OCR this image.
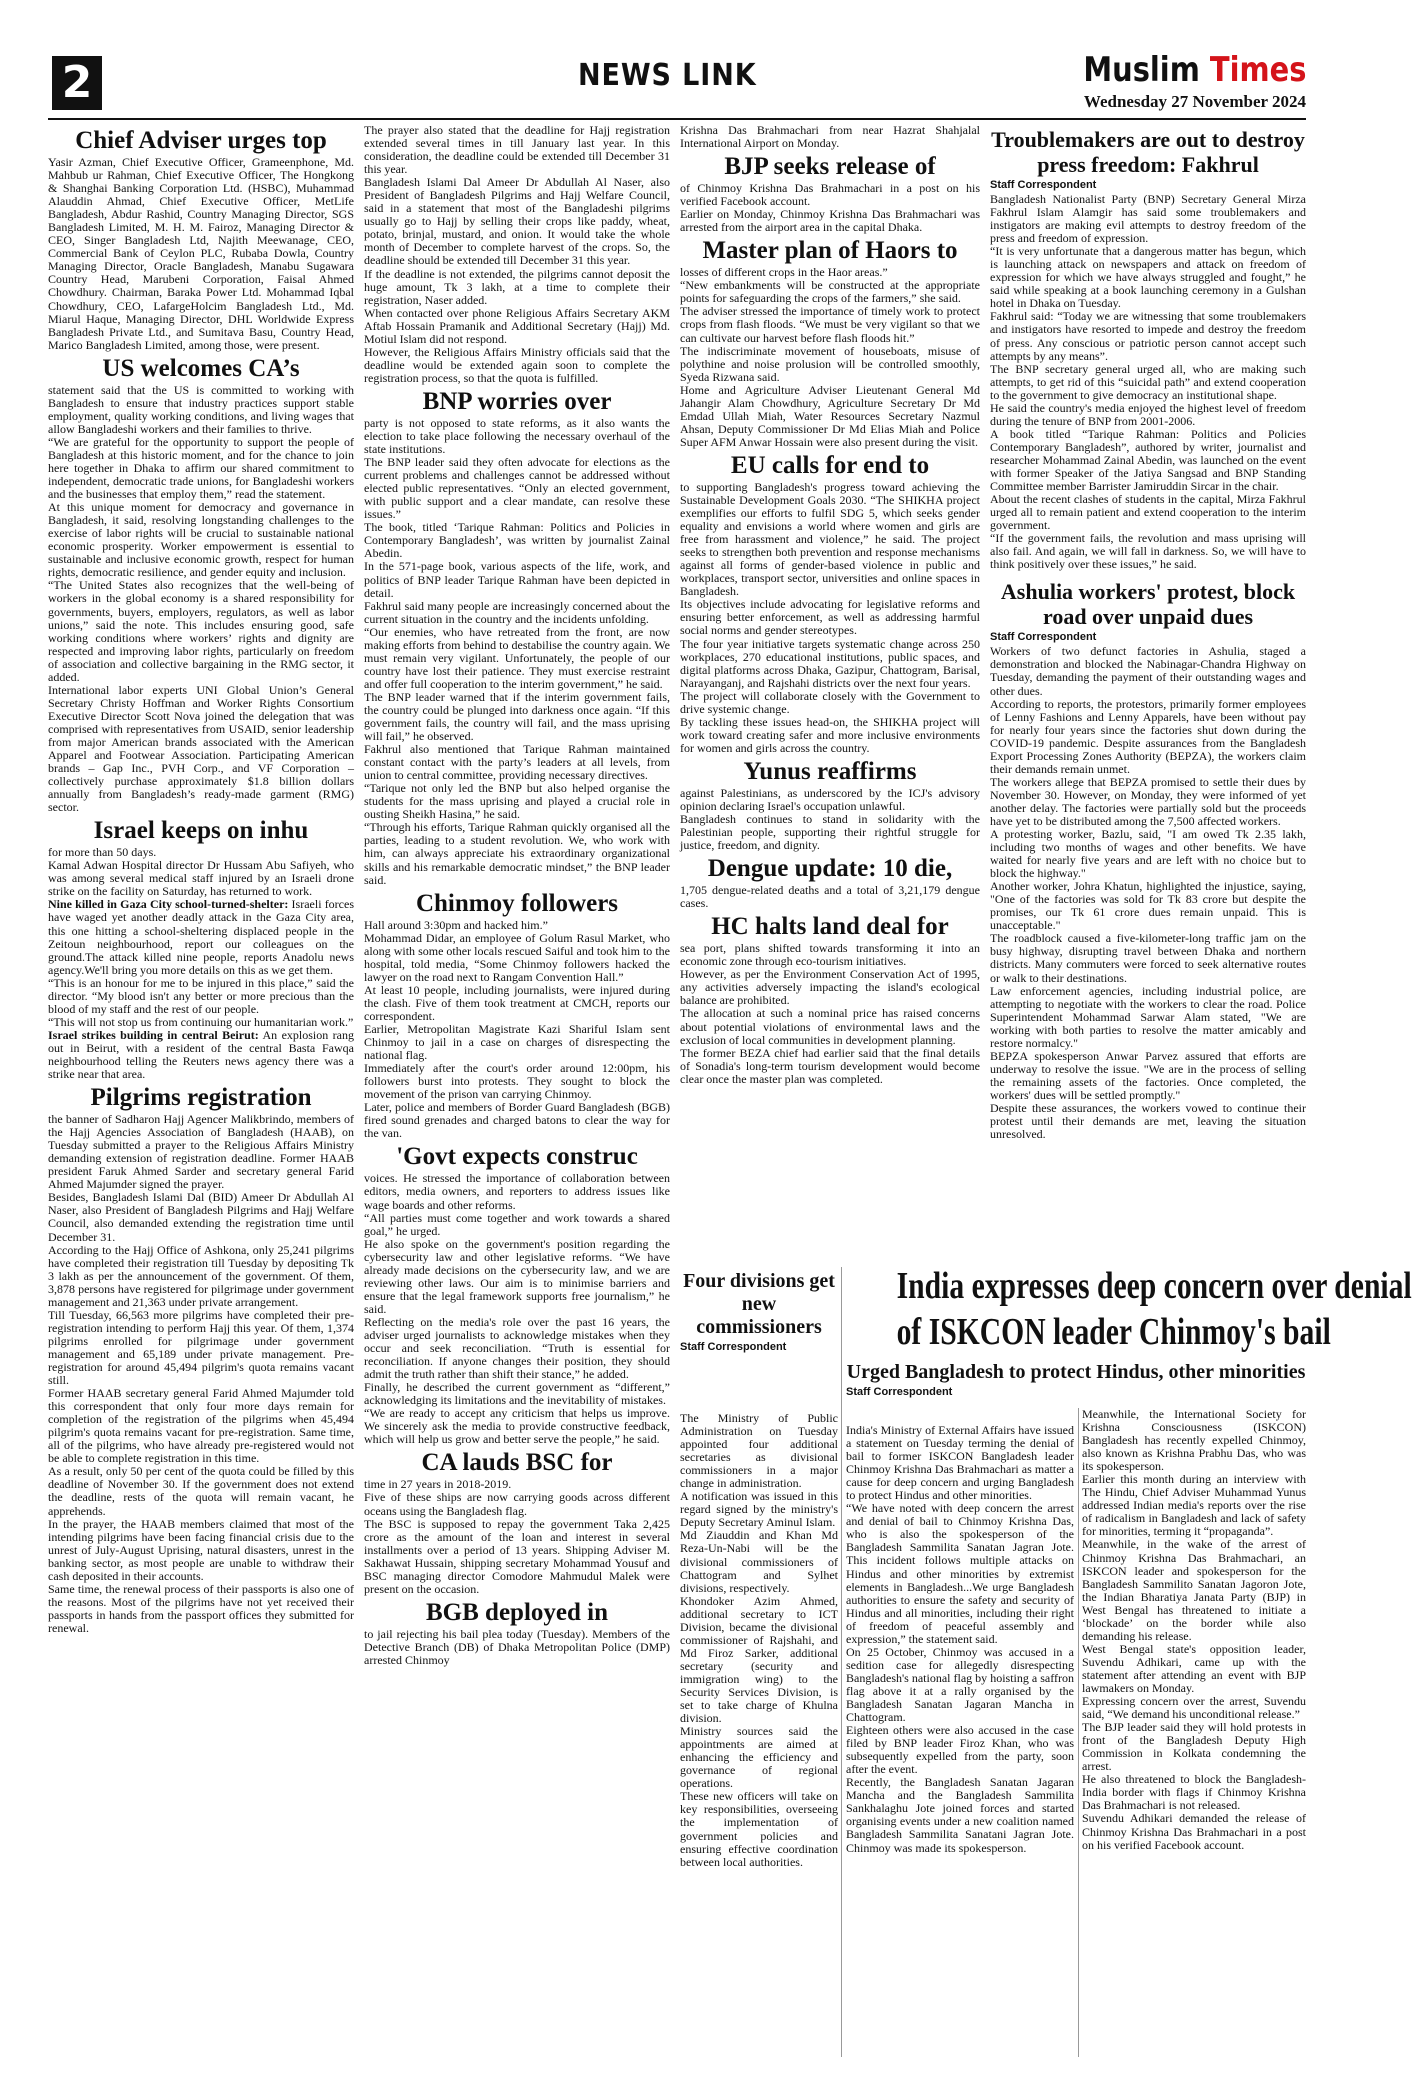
2	NEWS LINK	Muslim Times
Wednesday 27 November 2024
Chief Adviser urges top

Yasir Azman, Chief Executive Officer, Grameenphone, Md. Mahbub ur Rahman, Chief Executive Officer, The Hongkong & Shanghai Banking Corporation Ltd. (HSBC), Muhammad Alauddin Ahmad, Chief Executive Officer, MetLife Bangladesh, Abdur Rashid, Country Managing Director, SGS Bangladesh Limited, M. H. M. Fairoz, Managing Director & CEO, Singer Bangladesh Ltd, Najith Meewanage, CEO, Commercial Bank of Ceylon PLC, Rubaba Dowla, Country Managing Director, Oracle Bangladesh, Manabu Sugawara Country Head, Marubeni Corporation, Faisal Ahmed Chowdhury. Chairman, Baraka Power Ltd. Mohammad Iqbal Chowdhury, CEO, LafargeHolcim Bangladesh Ltd., Md. Miarul Haque, Managing Director, DHL Worldwide Express Bangladesh Private Ltd., and Sumitava Basu, Country Head, Marico Bangladesh Limited, among those, were present.

US welcomes CA’s

statement said that the US is committed to working with Bangladesh to ensure that industry practices support stable employment, quality working conditions, and living wages that allow Bangladeshi workers and their families to thrive.

“We are grateful for the opportunity to support the people of Bangladesh at this historic moment, and for the chance to join here together in Dhaka to affirm our shared commitment to independent, democratic trade unions, for Bangladeshi workers and the businesses that employ them,” read the statement.

At this unique moment for democracy and governance in Bangladesh, it said, resolving longstanding challenges to the exercise of labor rights will be crucial to sustainable national economic prosperity. Worker empowerment is essential to sustainable and inclusive economic growth, respect for human rights, democratic resilience, and gender equity and inclusion.

“The United States also recognizes that the well-being of workers in the global economy is a shared responsibility for governments, buyers, employers, regulators, as well as labor unions,” said the note. This includes ensuring good, safe working conditions where workers’ rights and dignity are respected and improving labor rights, particularly on freedom of association and collective bargaining in the RMG sector, it added.

International labor experts UNI Global Union’s General Secretary Christy Hoffman and Worker Rights Consortium Executive Director Scott Nova joined the delegation that was comprised with representatives from USAID, senior leadership from major American brands associated with the American Apparel and Footwear Association. Participating American brands – Gap Inc., PVH Corp., and VF Corporation – collectively purchase approximately $1.8 billion dollars annually from Bangladesh’s ready-made garment (RMG) sector.

Israel keeps on inhu

for more than 50 days.

Kamal Adwan Hospital director Dr Hussam Abu Safiyeh, who was among several medical staff injured by an Israeli drone strike on the facility on Saturday, has returned to work.

Nine killed in Gaza City school-turned-shelter: Israeli forces have waged yet another deadly attack in the Gaza City area, this one hitting a school-sheltering displaced people in the Zeitoun neighbourhood, report our colleagues on the ground.The attack killed nine people, reports Anadolu news agency.We'll bring you more details on this as we get them.

“This is an honour for me to be injured in this place,” said the director. “My blood isn't any better or more precious than the blood of my staff and the rest of our people.

“This will not stop us from continuing our humanitarian work.”

Israel strikes building in central Beirut: An explosion rang out in Beirut, with a resident of the central Basta Fawqa neighbourhood telling the Reuters news agency there was a strike near that area.

Pilgrims registration

the banner of Sadharon Hajj Agencer Malikbrindo, members of the Hajj Agencies Association of Bangladesh (HAAB), on Tuesday submitted a prayer to the Religious Affairs Ministry demanding extension of registration deadline. Former HAAB president Faruk Ahmed Sarder and secretary general Farid Ahmed Majumder signed the prayer.

Besides, Bangladesh Islami Dal (BID) Ameer Dr Abdullah Al Naser, also President of Bangladesh Pilgrims and Hajj Welfare Council, also demanded extending the registration time until December 31.

According to the Hajj Office of Ashkona, only 25,241 pilgrims have completed their registration till Tuesday by depositing Tk 3 lakh as per the announcement of the government. Of them, 3,878 persons have registered for pilgrimage under government management and 21,363 under private arrangement.

Till Tuesday, 66,563 more pilgrims have completed their pre-registration intending to perform Hajj this year. Of them, 1,374 pilgrims enrolled for pilgrimage under government management and 65,189 under private management. Pre-registration for around 45,494 pilgrim's quota remains vacant still.

Former HAAB secretary general Farid Ahmed Majumder told this correspondent that only four more days remain for completion of the registration of the pilgrims when 45,494 pilgrim's quota remains vacant for pre-registration. Same time, all of the pilgrims, who have already pre-registered would not be able to complete registration in this time.

As a result, only 50 per cent of the quota could be filled by this deadline of November 30. If the government does not extend the deadline, rests of the quota will remain vacant, he apprehends.

In the prayer, the HAAB members claimed that most of the intending pilgrims have been facing financial crisis due to the unrest of July-August Uprising, natural disasters, unrest in the banking sector, as most people are unable to withdraw their cash deposited in their accounts.

Same time, the renewal process of their passports is also one of the reasons. Most of the pilgrims have not yet received their passports in hands from the passport offices they submitted for renewal.

The prayer also stated that the deadline for Hajj registration extended several times in till January last year. In this consideration, the deadline could be extended till December 31 this year.

Bangladesh Islami Dal Ameer Dr Abdullah Al Naser, also President of Bangladesh Pilgrims and Hajj Welfare Council, said in a statement that most of the Bangladeshi pilgrims usually go to Hajj by selling their crops like paddy, wheat, potato, brinjal, mustard, and onion. It would take the whole month of December to complete harvest of the crops. So, the deadline should be extended till December 31 this year.

If the deadline is not extended, the pilgrims cannot deposit the huge amount, Tk 3 lakh, at a time to complete their registration, Naser added.

When contacted over phone Religious Affairs Secretary AKM Aftab Hossain Pramanik and Additional Secretary (Hajj) Md. Motiul Islam did not respond.

However, the Religious Affairs Ministry officials said that the deadline would be extended again soon to complete the registration process, so that the quota is fulfilled.

BNP worries over

party is not opposed to state reforms, as it also wants the election to take place following the necessary overhaul of the state institutions.

The BNP leader said they often advocate for elections as the current problems and challenges cannot be addressed without elected public representatives. “Only an elected government, with public support and a clear mandate, can resolve these issues.”

The book, titled ‘Tarique Rahman: Politics and Policies in Contemporary Bangladesh’, was written by journalist Zainal Abedin.

In the 571-page book, various aspects of the life, work, and politics of BNP leader Tarique Rahman have been depicted in detail.

Fakhrul said many people are increasingly concerned about the current situation in the country and the incidents unfolding.

“Our enemies, who have retreated from the front, are now making efforts from behind to destabilise the country again. We must remain very vigilant. Unfortunately, the people of our country have lost their patience. They must exercise restraint and offer full cooperation to the interim government,” he said.

The BNP leader warned that if the interim government fails, the country could be plunged into darkness once again. “If this government fails, the country will fail, and the mass uprising will fail,” he observed.

Fakhrul also mentioned that Tarique Rahman maintained constant contact with the party’s leaders at all levels, from union to central committee, providing necessary directives.

“Tarique not only led the BNP but also helped organise the students for the mass uprising and played a crucial role in ousting Sheikh Hasina,” he said.

“Through his efforts, Tarique Rahman quickly organised all the parties, leading to a student revolution. We, who work with him, can always appreciate his extraordinary organizational skills and his remarkable democratic mindset,” the BNP leader said.

Chinmoy followers

Hall around 3:30pm and hacked him.”

Mohammad Didar, an employee of Golum Rasul Market, who along with some other locals rescued Saiful and took him to the hospital, told media, “Some Chinmoy followers hacked the lawyer on the road next to Rangam Convention Hall.”

At least 10 people, including journalists, were injured during the clash. Five of them took treatment at CMCH, reports our correspondent.

Earlier, Metropolitan Magistrate Kazi Shariful Islam sent Chinmoy to jail in a case on charges of disrespecting the national flag.

Immediately after the court's order around 12:00pm, his followers burst into protests. They sought to block the movement of the prison van carrying Chinmoy.

Later, police and members of Border Guard Bangladesh (BGB) fired sound grenades and charged batons to clear the way for the van.

'Govt expects construc

voices. He stressed the importance of collaboration between editors, media owners, and reporters to address issues like wage boards and other reforms.

“All parties must come together and work towards a shared goal,” he urged.

He also spoke on the government's position regarding the cybersecurity law and other legislative reforms. “We have already made decisions on the cybersecurity law, and we are reviewing other laws. Our aim is to minimise barriers and ensure that the legal framework supports free journalism,” he said.

Reflecting on the media's role over the past 16 years, the adviser urged journalists to acknowledge mistakes when they occur and seek reconciliation. “Truth is essential for reconciliation. If anyone changes their position, they should admit the truth rather than shift their stance,” he added.

Finally, he described the current government as “different,” acknowledging its limitations and the inevitability of mistakes.

“We are ready to accept any criticism that helps us improve. We sincerely ask the media to provide constructive feedback, which will help us grow and better serve the people,” he said.

CA lauds BSC for

time in 27 years in 2018-2019.

Five of these ships are now carrying goods across different oceans using the Bangladesh flag.

The BSC is supposed to repay the government Taka 2,425 crore as the amount of the loan and interest in several installments over a period of 13 years. Shipping Adviser M. Sakhawat Hussain, shipping secretary Mohammad Yousuf and BSC managing director Comodore Mahmudul Malek were present on the occasion.

BGB deployed in

to jail rejecting his bail plea today (Tuesday). Members of the Detective Branch (DB) of Dhaka Metropolitan Police (DMP) arrested Chinmoy

Krishna Das Brahmachari from near Hazrat Shahjalal International Airport on Monday.

BJP seeks release of

of Chinmoy Krishna Das Brahmachari in a post on his verified Facebook account.

Earlier on Monday, Chinmoy Krishna Das Brahmachari was arrested from the airport area in the capital Dhaka.

Master plan of Haors to

losses of different crops in the Haor areas.”

“New embankments will be constructed at the appropriate points for safeguarding the crops of the farmers,” she said.

The adviser stressed the importance of timely work to protect crops from flash floods. “We must be very vigilant so that we can cultivate our harvest before flash floods hit.”

The indiscriminate movement of houseboats, misuse of polythine and noise prolusion will be controlled smoothly, Syeda Rizwana said.

Home and Agriculture Adviser Lieutenant General Md Jahangir Alam Chowdhury, Agriculture Secretary Dr Md Emdad Ullah Miah, Water Resources Secretary Nazmul Ahsan, Deputy Commissioner Dr Md Elias Miah and Police Super AFM Anwar Hossain were also present during the visit.

EU calls for end to

to supporting Bangladesh's progress toward achieving the Sustainable Development Goals 2030. “The SHIKHA project exemplifies our efforts to fulfil SDG 5, which seeks gender equality and envisions a world where women and girls are free from harassment and violence,” he said. The project seeks to strengthen both prevention and response mechanisms against all forms of gender-based violence in public and workplaces, transport sector, universities and online spaces in Bangladesh.

Its objectives include advocating for legislative reforms and ensuring better enforcement, as well as addressing harmful social norms and gender stereotypes.

The four year initiative targets systematic change across 250 workplaces, 270 educational institutions, public spaces, and digital platforms across Dhaka, Gazipur, Chattogram, Barisal, Narayanganj, and Rajshahi districts over the next four years.

The project will collaborate closely with the Government to drive systemic change.

By tackling these issues head-on, the SHIKHA project will work toward creating safer and more inclusive environments for women and girls across the country.

Yunus reaffirms

against Palestinians, as underscored by the ICJ's advisory opinion declaring Israel's occupation unlawful.

Bangladesh continues to stand in solidarity with the Palestinian people, supporting their rightful struggle for justice, freedom, and dignity.

Dengue update: 10 die,

1,705 dengue-related deaths and a total of 3,21,179 dengue cases.

HC halts land deal for

sea port, plans shifted towards transforming it into an economic zone through eco-tourism initiatives.

However, as per the Environment Conservation Act of 1995, any activities adversely impacting the island's ecological balance are prohibited.

The allocation at such a nominal price has raised concerns about potential violations of environmental laws and the exclusion of local communities in development planning.

The former BEZA chief had earlier said that the final details of Sonadia's long-term tourism development would become clear once the master plan was completed.

Troublemakers are out to destroy press freedom: Fakhrul
Staff Correspondent

Bangladesh Nationalist Party (BNP) Secretary General Mirza Fakhrul Islam Alamgir has said some troublemakers and instigators are making evil attempts to destroy freedom of the press and freedom of expression.

“It is very unfortunate that a dangerous matter has begun, which is launching attack on newspapers and attack on freedom of expression for which we have always struggled and fought,” he said while speaking at a book launching ceremony in a Gulshan hotel in Dhaka on Tuesday.

Fakhrul said: “Today we are witnessing that some troublemakers and instigators have resorted to impede and destroy the freedom of press. Any conscious or patriotic person cannot accept such attempts by any means”.

The BNP secretary general urged all, who are making such attempts, to get rid of this “suicidal path” and extend cooperation to the government to give democracy an institutional shape.

He said the country's media enjoyed the highest level of freedom during the tenure of BNP from 2001-2006.

A book titled “Tarique Rahman: Politics and Policies Contemporary Bangladesh”, authored by writer, journalist and researcher Mohammad Zainal Abedin, was launched on the event with former Speaker of the Jatiya Sangsad and BNP Standing Committee member Barrister Jamiruddin Sircar in the chair.

About the recent clashes of students in the capital, Mirza Fakhrul urged all to remain patient and extend cooperation to the interim government.

“If the government fails, the revolution and mass uprising will also fail. And again, we will fall in darkness. So, we will have to think positively over these issues,” he said.

Ashulia workers' protest, block road over unpaid dues
Staff Correspondent

Workers of two defunct factories in Ashulia, staged a demonstration and blocked the Nabinagar-Chandra Highway on Tuesday, demanding the payment of their outstanding wages and other dues.

According to reports, the protestors, primarily former employees of Lenny Fashions and Lenny Apparels, have been without pay for nearly four years since the factories shut down during the COVID-19 pandemic. Despite assurances from the Bangladesh Export Processing Zones Authority (BEPZA), the workers claim their demands remain unmet.

The workers allege that BEPZA promised to settle their dues by November 30. However, on Monday, they were informed of yet another delay. The factories were partially sold but the proceeds have yet to be distributed among the 7,500 affected workers.

A protesting worker, Bazlu, said, "I am owed Tk 2.35 lakh, including two months of wages and other benefits. We have waited for nearly five years and are left with no choice but to block the highway."

Another worker, Johra Khatun, highlighted the injustice, saying, "One of the factories was sold for Tk 83 crore but despite the promises, our Tk 61 crore dues remain unpaid. This is unacceptable."

The roadblock caused a five-kilometer-long traffic jam on the busy highway, disrupting travel between Dhaka and northern districts. Many commuters were forced to seek alternative routes or walk to their destinations.

Law enforcement agencies, including industrial police, are attempting to negotiate with the workers to clear the road. Police Superintendent Mohammad Sarwar Alam stated, "We are working with both parties to resolve the matter amicably and restore normalcy."

BEPZA spokesperson Anwar Parvez assured that efforts are underway to resolve the issue. "We are in the process of selling the remaining assets of the factories. Once completed, the workers' dues will be settled promptly."

Despite these assurances, the workers vowed to continue their protest until their demands are met, leaving the situation unresolved.

Four divisions get new commissioners
Staff Correspondent

The Ministry of Public Administration on Tuesday appointed four additional secretaries as divisional commissioners in a major change in administration.

A notification was issued in this regard signed by the ministry's Deputy Secretary Aminul Islam.

Md Ziauddin and Khan Md Reza-Un-Nabi will be the divisional commissioners of Chattogram and Sylhet divisions, respectively.

Khondoker Azim Ahmed, additional secretary to ICT Division, became the divisional commissioner of Rajshahi, and Md Firoz Sarker, additional secretary (security and immigration wing) to the Security Services Division, is set to take charge of Khulna division.

Ministry sources said the appointments are aimed at enhancing the efficiency and governance of regional operations.

These new officers will take on key responsibilities, overseeing the implementation of government policies and ensuring effective coordination between local authorities.

India expresses deep concern over denial
of ISKCON leader Chinmoy's bail
Urged Bangladesh to protect Hindus, other minorities
Staff Correspondent

India's Ministry of External Affairs have issued a statement on Tuesday terming the denial of bail to former ISKCON Bangladesh leader Chinmoy Krishna Das Brahmachari as matter a cause for deep concern and urging Bangladesh to protect Hindus and other minorities.

“We have noted with deep concern the arrest and denial of bail to Chinmoy Krishna Das, who is also the spokesperson of the Bangladesh Sammilita Sanatan Jagran Jote. This incident follows multiple attacks on Hindus and other minorities by extremist elements in Bangladesh...We urge Bangladesh authorities to ensure the safety and security of Hindus and all minorities, including their right of freedom of peaceful assembly and expression,” the statement said.

On 25 October, Chinmoy was accused in a sedition case for allegedly disrespecting Bangladesh's national flag by hoisting a saffron flag above it at a rally organised by the Bangladesh Sanatan Jagaran Mancha in Chattogram.

Eighteen others were also accused in the case filed by BNP leader Firoz Khan, who was subsequently expelled from the party, soon after the event.

Recently, the Bangladesh Sanatan Jagaran Mancha and the Bangladesh Sammilita Sankhalaghu Jote joined forces and started organising events under a new coalition named Bangladesh Sammilita Sanatani Jagran Jote. Chinmoy was made its spokesperson.

Meanwhile, the International Society for Krishna Consciousness (ISKCON) Bangladesh has recently expelled Chinmoy, also known as Krishna Prabhu Das, who was its spokesperson.

Earlier this month during an interview with The Hindu, Chief Adviser Muhammad Yunus addressed Indian media's reports over the rise of radicalism in Bangladesh and lack of safety for minorities, terming it “propaganda”.

Meanwhile, in the wake of the arrest of Chinmoy Krishna Das Brahmachari, an ISKCON leader and spokesperson for the Bangladesh Sammilito Sanatan Jagoron Jote, the Indian Bharatiya Janata Party (BJP) in West Bengal has threatened to initiate a ‘blockade’ on the border while also demanding his release.

West Bengal state's opposition leader, Suvendu Adhikari, came up with the statement after attending an event with BJP lawmakers on Monday.

Expressing concern over the arrest, Suvendu said, “We demand his unconditional release.”

The BJP leader said they will hold protests in front of the Bangladesh Deputy High Commission in Kolkata condemning the arrest.

He also threatened to block the Bangladesh-India border with flags if Chinmoy Krishna Das Brahmachari is not released.

Suvendu Adhikari demanded the release of Chinmoy Krishna Das Brahmachari in a post on his verified Facebook account.
